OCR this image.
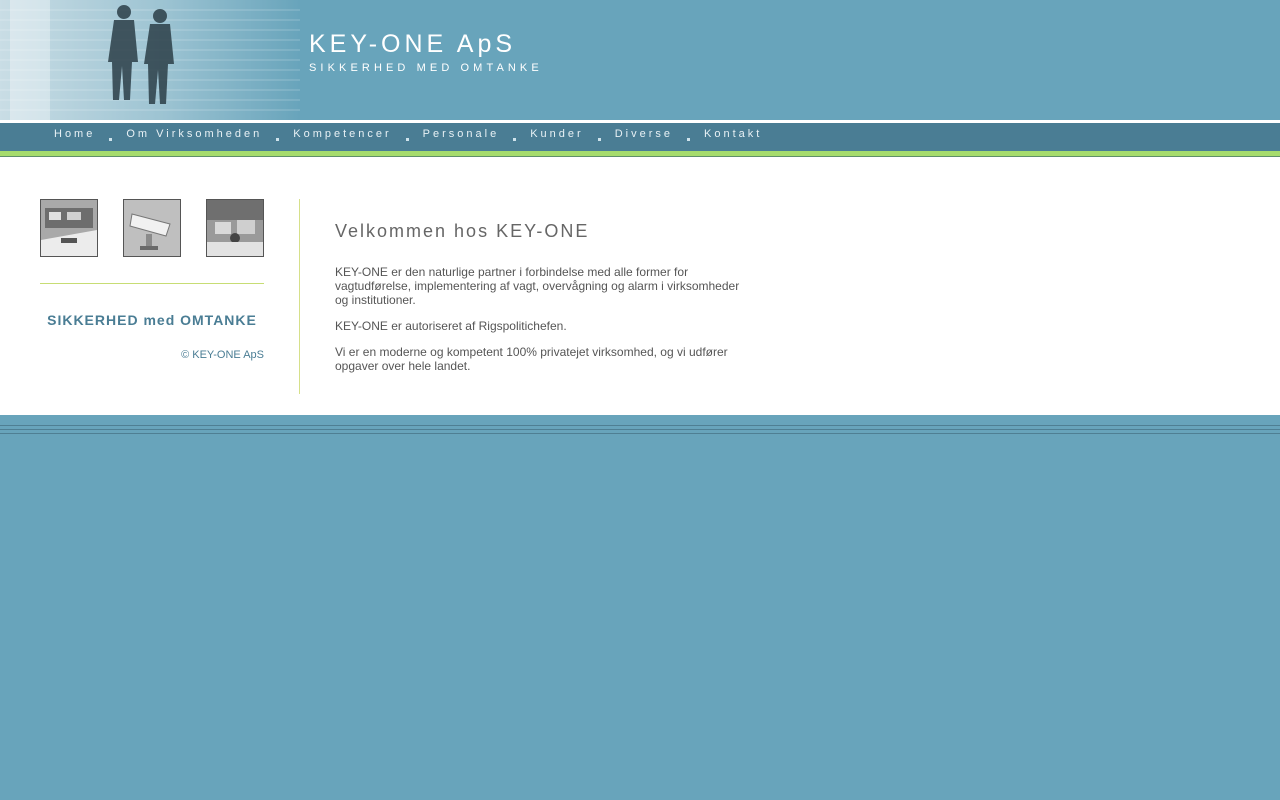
KEY-ONE ApS
SIKKERHED MED OMTANKE
Home	Om Virksomheden	Kompetencer	Personale	Kunder	Diverse	Kontakt
SIKKERHED med OMTANKE
© KEY-ONE ApS
Velkommen hos KEY-ONE

KEY-ONE er den naturlige partner i forbindelse med alle former for vagtudførelse, implementering af vagt, overvågning og alarm i virksomheder og institutioner.

KEY-ONE er autoriseret af Rigspolitichefen.

Vi er en moderne og kompetent 100% privatejet virksomhed, og vi udfører opgaver over hele landet.
